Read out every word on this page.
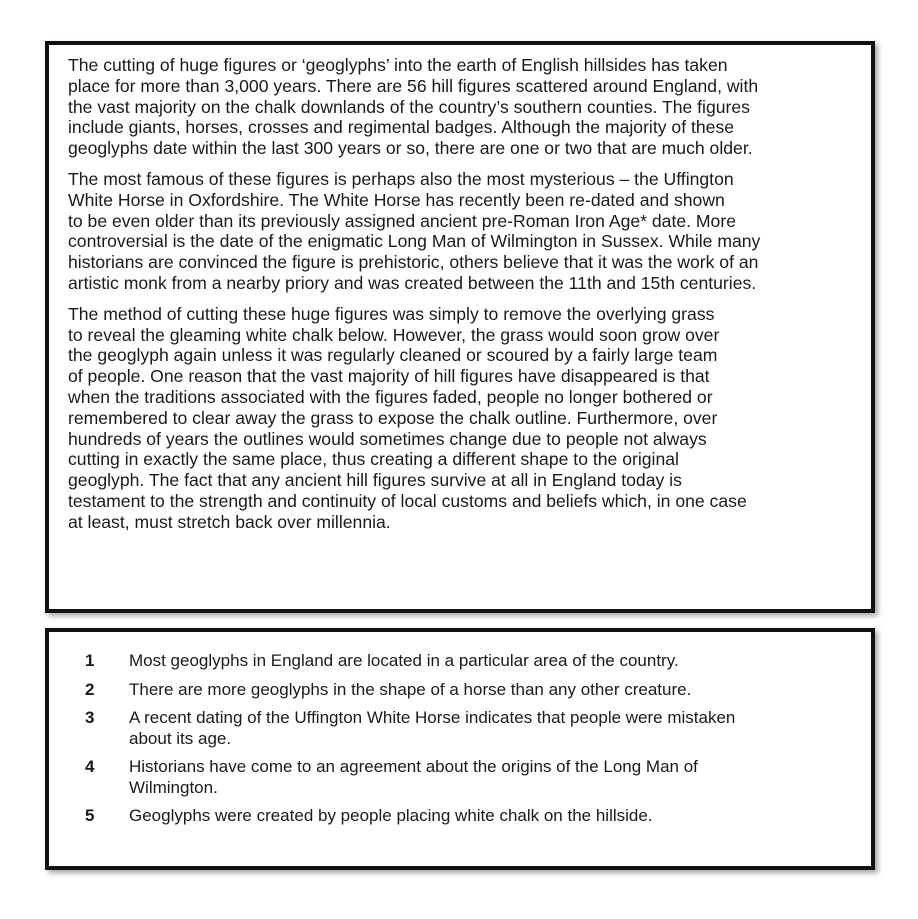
The cutting of huge figures or ‘geoglyphs’ into the earth of English hillsides has taken
place for more than 3,000 years. There are 56 hill figures scattered around England, with
the vast majority on the chalk downlands of the country’s southern counties. The figures
include giants, horses, crosses and regimental badges. Although the majority of these
geoglyphs date within the last 300 years or so, there are one or two that are much older.

The most famous of these figures is perhaps also the most mysterious – the Uffington
White Horse in Oxfordshire. The White Horse has recently been re-dated and shown
to be even older than its previously assigned ancient pre-Roman Iron Age* date. More
controversial is the date of the enigmatic Long Man of Wilmington in Sussex. While many
historians are convinced the figure is prehistoric, others believe that it was the work of an
artistic monk from a nearby priory and was created between the 11th and 15th centuries.

The method of cutting these huge figures was simply to remove the overlying grass
to reveal the gleaming white chalk below. However, the grass would soon grow over
the geoglyph again unless it was regularly cleaned or scoured by a fairly large team
of people. One reason that the vast majority of hill figures have disappeared is that
when the traditions associated with the figures faded, people no longer bothered or
remembered to clear away the grass to expose the chalk outline. Furthermore, over
hundreds of years the outlines would sometimes change due to people not always
cutting in exactly the same place, thus creating a different shape to the original
geoglyph. The fact that any ancient hill figures survive at all in England today is
testament to the strength and continuity of local customs and beliefs which, in one case
at least, must stretch back over millennia.

1	Most geoglyphs in England are located in a particular area of the country.
2	There are more geoglyphs in the shape of a horse than any other creature.
3	A recent dating of the Uffington White Horse indicates that people were mistaken
about its age.
4	Historians have come to an agreement about the origins of the Long Man of
Wilmington.
5	Geoglyphs were created by people placing white chalk on the hillside.
